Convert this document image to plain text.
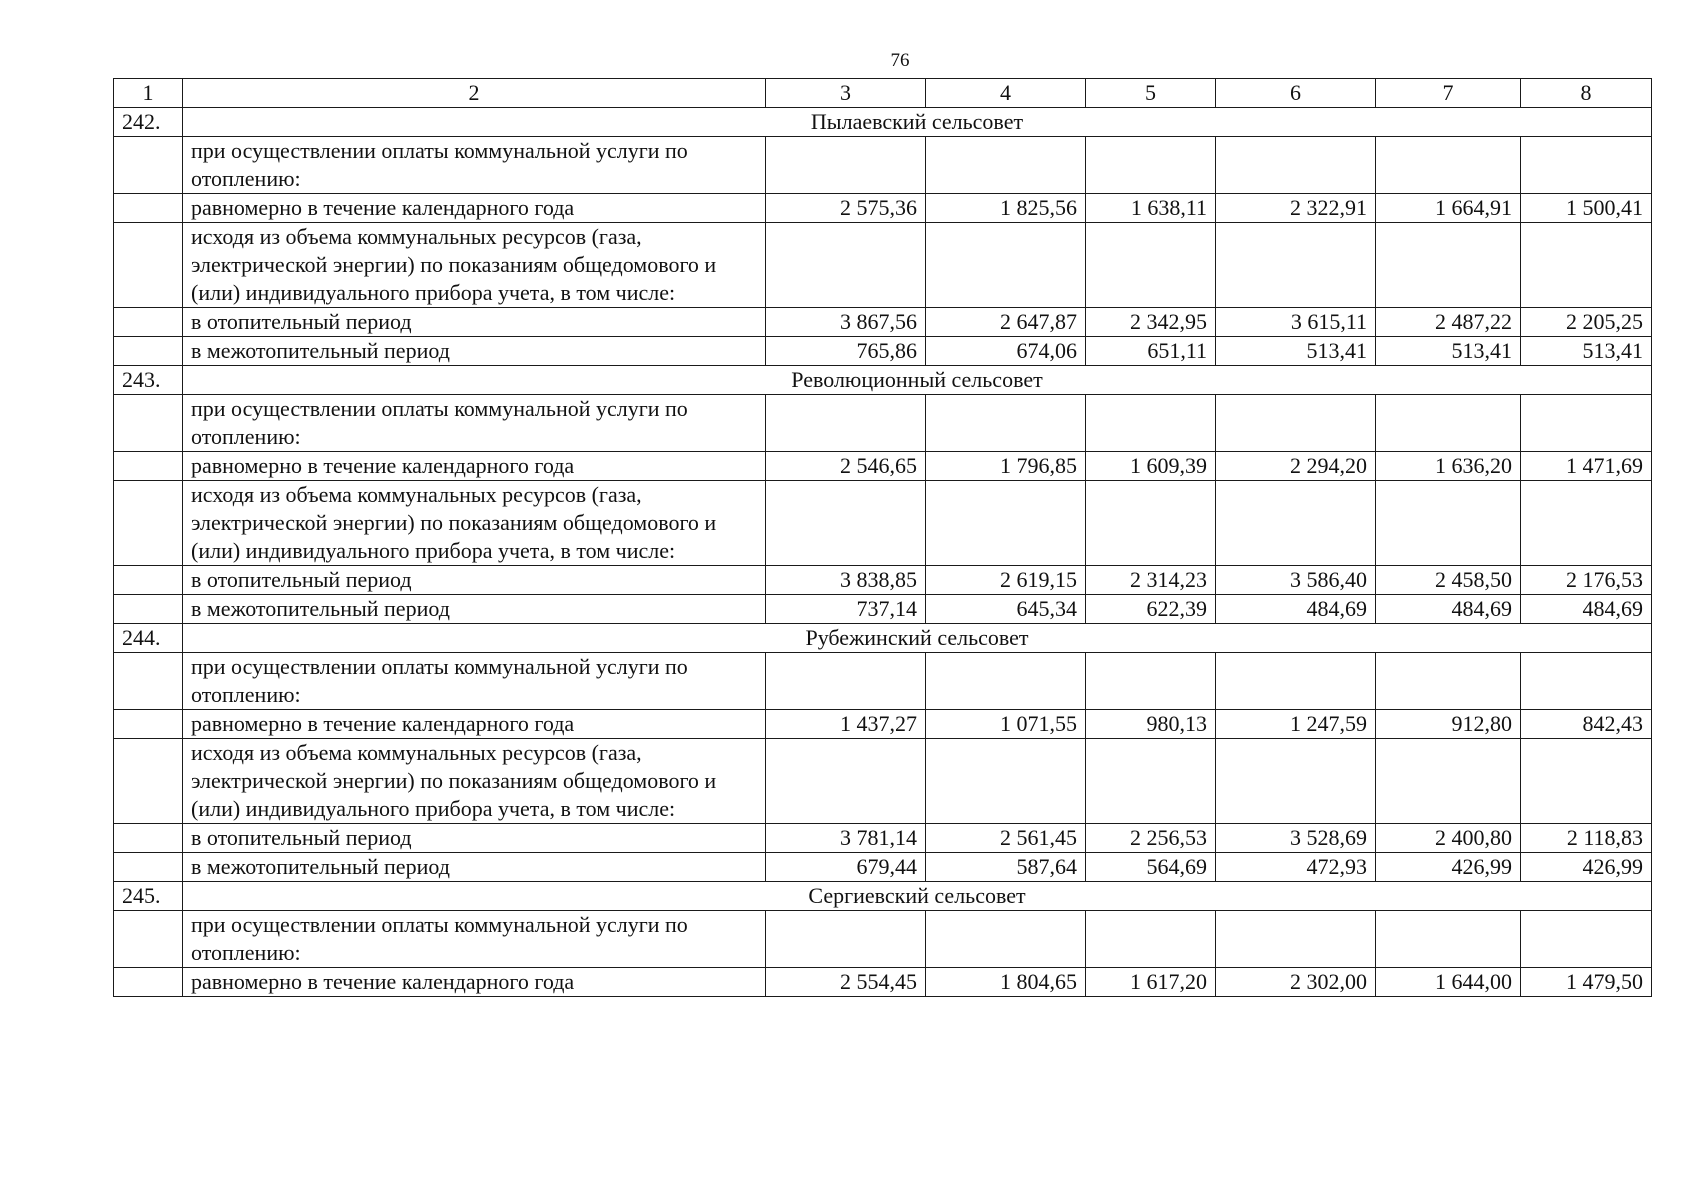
76
1	2	3	4	5	6	7	8
242.	Пылаевский сельсовет						
	при осуществлении оплаты коммунальной услуги по отоплению:						
	равномерно в течение календарного года	2 575,36	1 825,56	1 638,11	2 322,91	1 664,91	1 500,41
	исходя из объема коммунальных ресурсов (газа, электрической энергии) по показаниям общедомового и (или) индивидуального прибора учета, в том числе:						
	в отопительный период	3 867,56	2 647,87	2 342,95	3 615,11	2 487,22	2 205,25
	в межотопительный период	765,86	674,06	651,11	513,41	513,41	513,41
243.	Революционный сельсовет						
	при осуществлении оплаты коммунальной услуги по отоплению:						
	равномерно в течение календарного года	2 546,65	1 796,85	1 609,39	2 294,20	1 636,20	1 471,69
	исходя из объема коммунальных ресурсов (газа, электрической энергии) по показаниям общедомового и (или) индивидуального прибора учета, в том числе:						
	в отопительный период	3 838,85	2 619,15	2 314,23	3 586,40	2 458,50	2 176,53
	в межотопительный период	737,14	645,34	622,39	484,69	484,69	484,69
244.	Рубежинский сельсовет						
	при осуществлении оплаты коммунальной услуги по отоплению:						
	равномерно в течение календарного года	1 437,27	1 071,55	980,13	1 247,59	912,80	842,43
	исходя из объема коммунальных ресурсов (газа, электрической энергии) по показаниям общедомового и (или) индивидуального прибора учета, в том числе:						
	в отопительный период	3 781,14	2 561,45	2 256,53	3 528,69	2 400,80	2 118,83
	в межотопительный период	679,44	587,64	564,69	472,93	426,99	426,99
245.	Сергиевский сельсовет						
	при осуществлении оплаты коммунальной услуги по отоплению:						
	равномерно в течение календарного года	2 554,45	1 804,65	1 617,20	2 302,00	1 644,00	1 479,50
